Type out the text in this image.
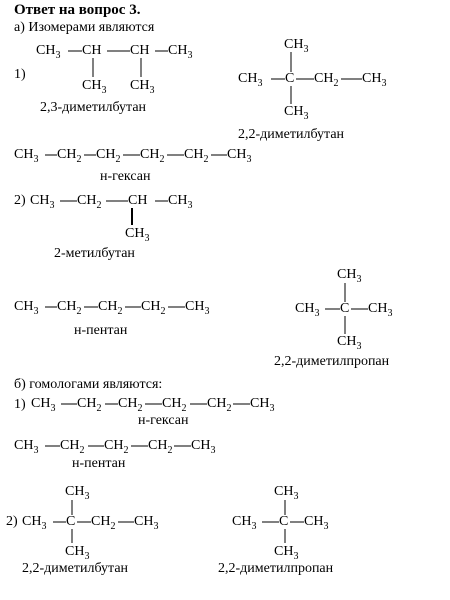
Ответ на вопрос 3.
а) Изомерами являются
б) гомологами являются:
1)
2)
1)
2)
2,3-диметилбутан
2,2-диметилбутан
н-гексан
2-метилбутан
н-пентан
2,2-диметилпропан
н-гексан
н-пентан
2,2-диметилбутан	2,2-диметилпропан
$CH_3$ CH CH $CH_3$
$CH_3$ $CH_3$
$CH_3$
$CH_3$ C $CH_2$ $CH_3$
$CH_3$
$CH_3$ $CH_2$ $CH_2$ $CH_2$ $CH_2$ $CH_3$
$CH_3$ $CH_2$ CH $CH_3$
$CH_3$
$CH_3$ $CH_2$ $CH_2$ $CH_2$ $CH_3$
$CH_3$
$CH_3$ C $CH_3$
$CH_3$
$CH_3$ $CH_2$ $CH_2$ $CH_2$ $CH_2$ $CH_3$
$CH_3$ $CH_2$ $CH_2$ $CH_2$ $CH_3$
$CH_3$
$CH_3$ C $CH_2$ $CH_3$
$CH_3$
$CH_3$
$CH_3$ C $CH_3$
$CH_3$
